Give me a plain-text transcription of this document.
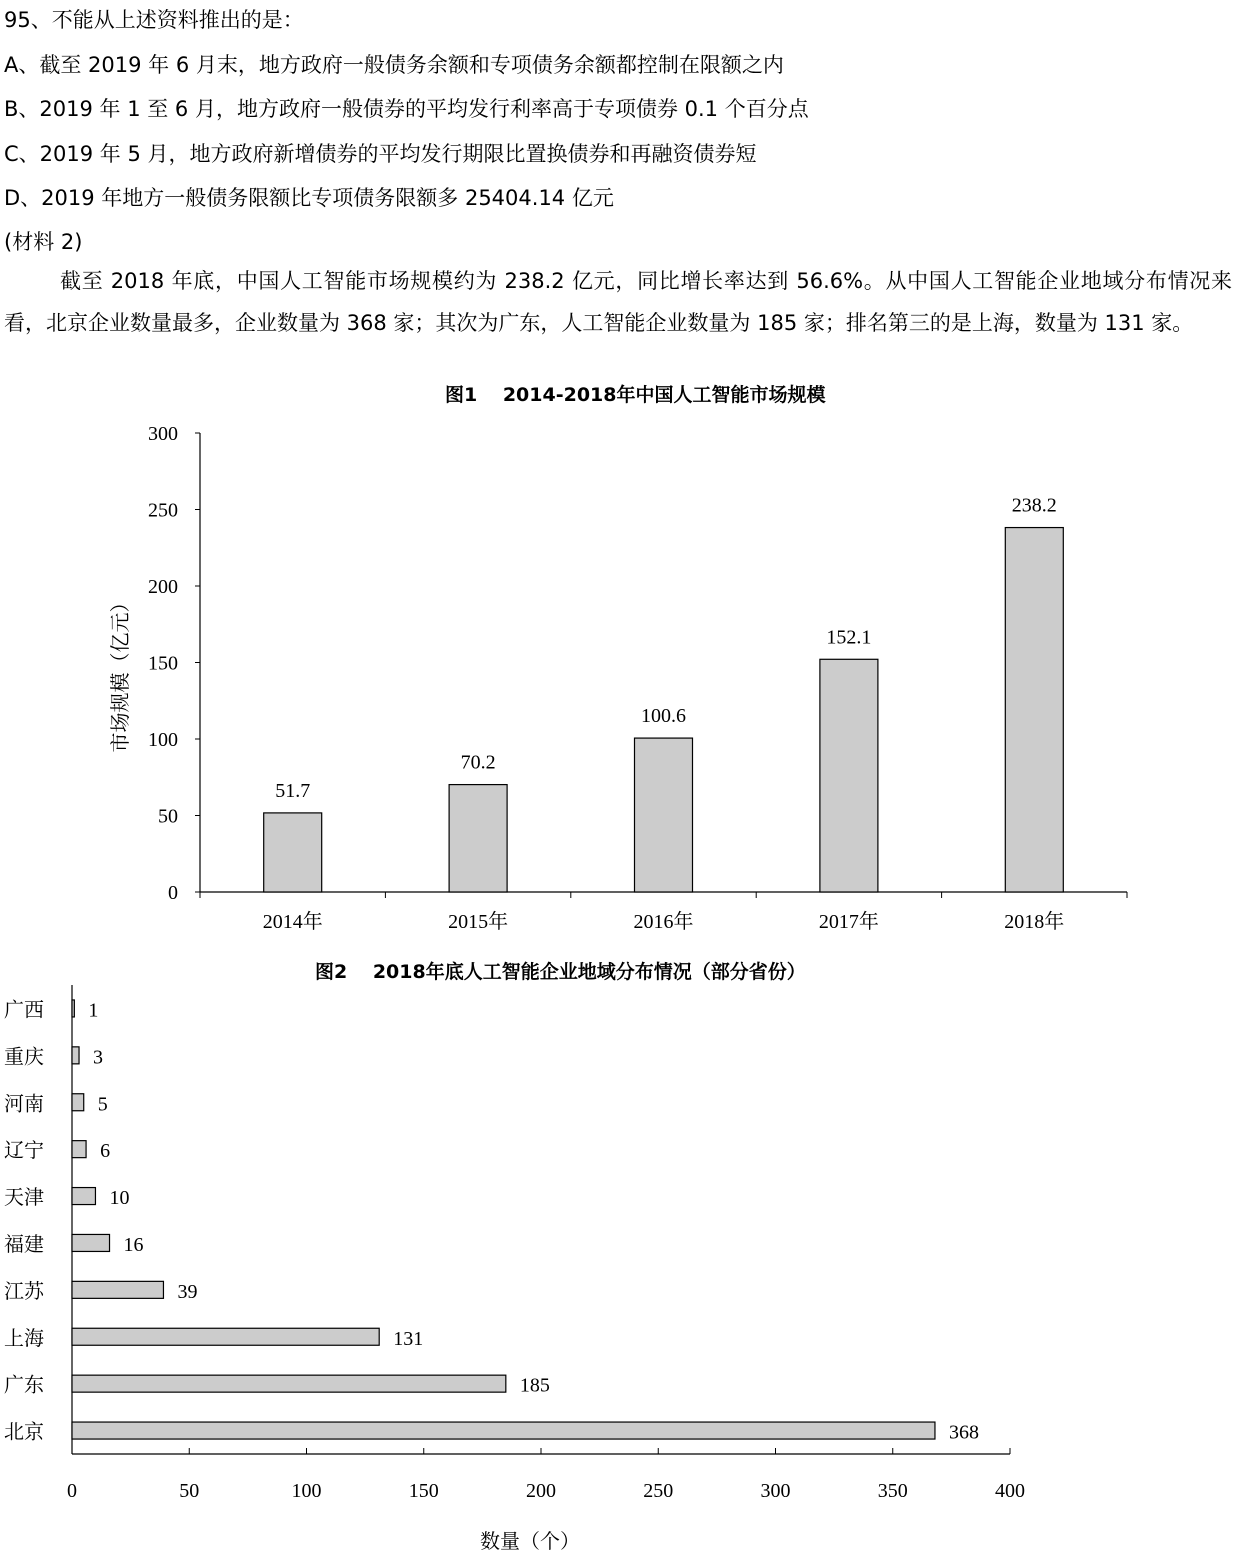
95、不能从上述资料推出的是：
A、截至 2019 年 6 月末，地方政府一般债务余额和专项债务余额都控制在限额之内
B、2019 年 1 至 6 月，地方政府一般债券的平均发行利率高于专项债券 0.1 个百分点
C、2019 年 5 月，地方政府新增债券的平均发行期限比置换债券和再融资债券短
D、2019 年地方一般债务限额比专项债务限额多 25404.14 亿元
(材料 2)
截至 2018 年底，中国人工智能市场规模约为 238.2 亿元，同比增长率达到 56.6%。从中国人工智能企业地域分布情况来看，北京企业数量最多，企业数量为 368 家；其次为广东，人工智能企业数量为 185 家；排名第三的是上海，数量为 131 家。
图1　 2014-2018年中国人工智能市场规模
0
50
100
150
200
250
300
51.7
2014年
70.2
2015年
100.6
2016年
152.1
2017年
238.2
2018年
市场规模（亿元）
图2　 2018年底人工智能企业地域分布情况（部分省份）
0	50	100	150	200	250	300	350	400
1
广西
3
重庆
5
河南
6
辽宁
10
天津
16
福建
39
江苏
131
上海
185
广东
368
北京
数量（个）
